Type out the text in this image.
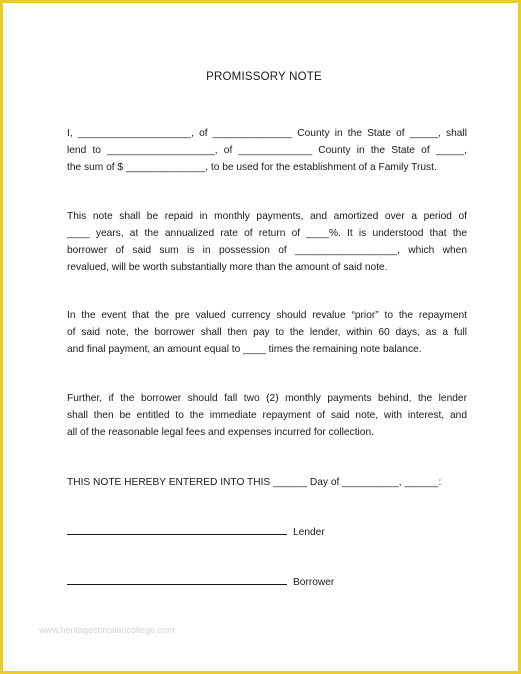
PROMISSORY NOTE
I, ____________________, of ______________ County in the State of _____, shall
lend to ___________________, of _____________ County in the State of _____,
the sum of $ ______________, to be used for the establishment of a Family Trust.
This note shall be repaid in monthly payments, and amortized over a period of
____ years, at the annualized rate of return of ____%. It is understood that the
borrower of said sum is in possession of __________________, which when
revalued, will be worth substantially more than the amount of said note.
In the event that the pre valued currency should revalue “prior” to the repayment
of said note, the borrower shall then pay to the lender, within 60 days, as a full
and final payment, an amount equal to ____ times the remaining note balance.
Further, if the borrower should fall two (2) monthly payments behind, the lender
shall then be entitled to the immediate repayment of said note, with interest, and
all of the reasonable legal fees and expenses incurred for collection.
THIS NOTE HEREBY ENTERED INTO THIS ______ Day of __________, ______:
Lender
Borrower
www.heritagechristiancollege.com
